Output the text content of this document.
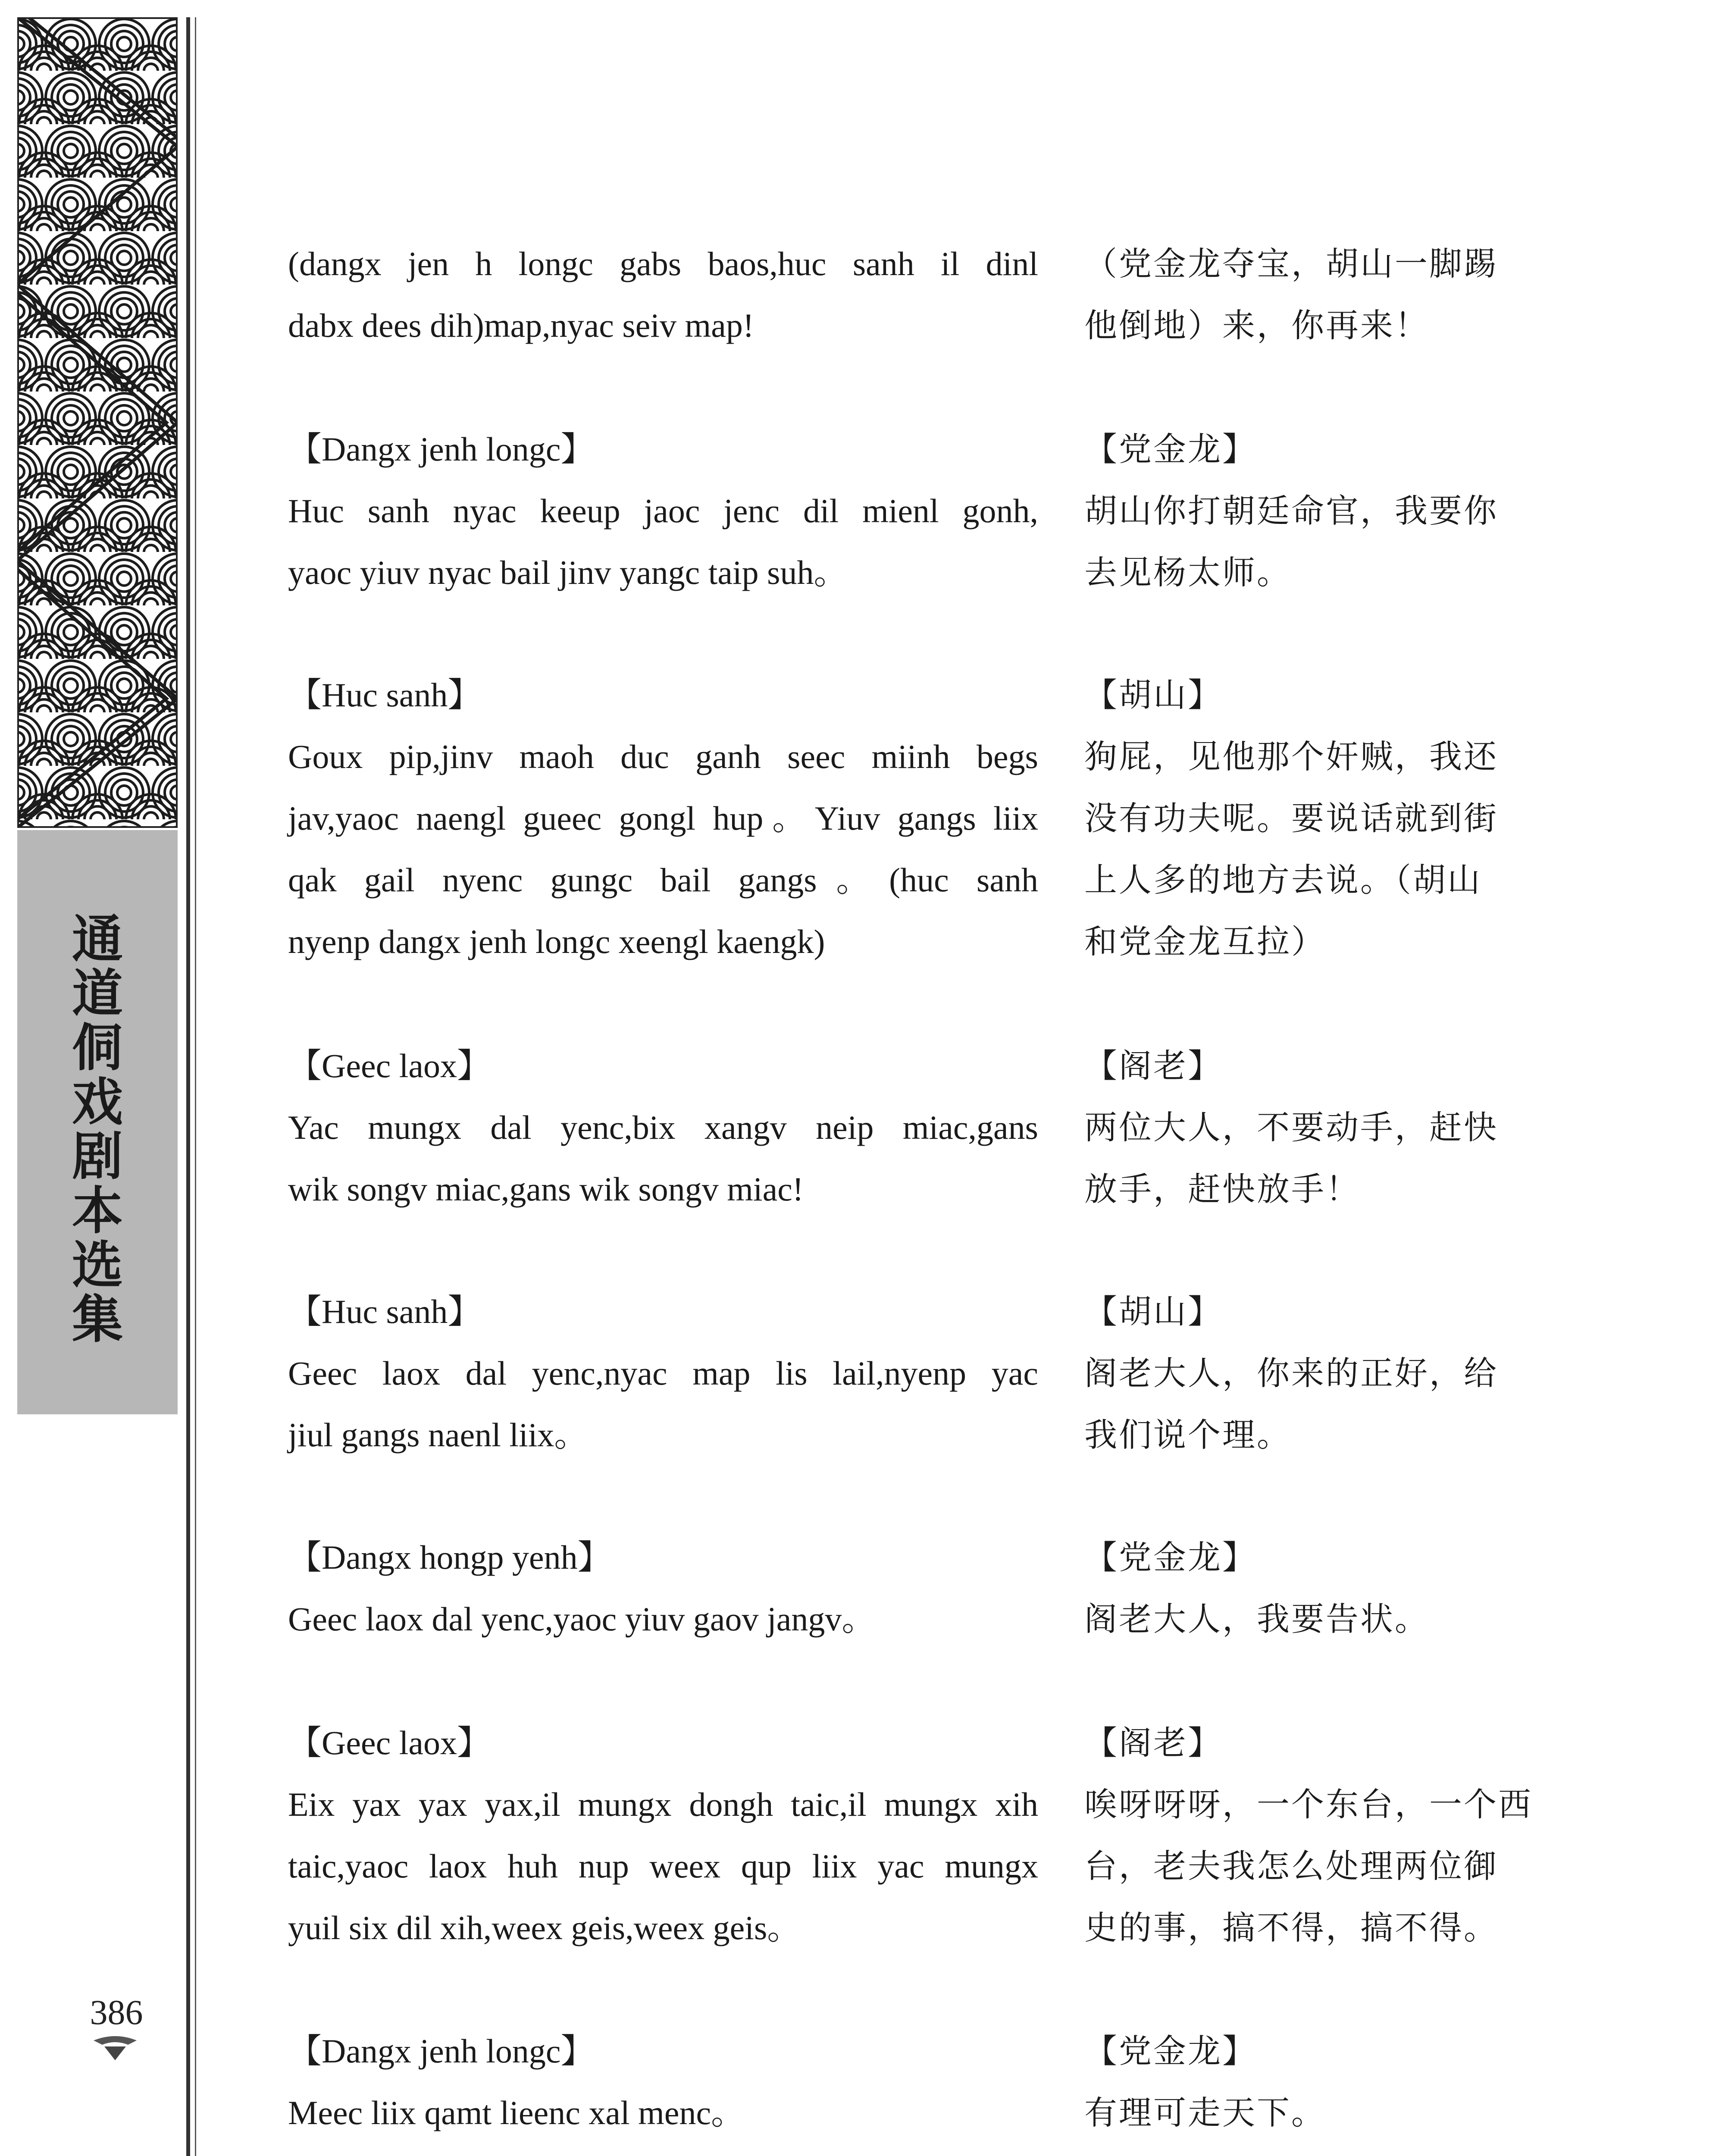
通
道
侗
戏
剧
本
选
集
386
(dangx jen h longc gabs baos,huc sanh il dinl
dabx dees dih)map,nyac seiv map!
【Dangx jenh longc】
Huc sanh nyac keeup jaoc jenc dil mienl gonh,
yaoc yiuv nyac bail jinv yangc taip suh。
【Huc sanh】
Goux pip,jinv maoh duc ganh seec miinh begs
jav,yaoc naengl gueec gongl hup。Yiuv gangs liix
qak gail nyenc gungc bail gangs。(huc sanh
nyenp dangx jenh longc xeengl kaengk)
【Geec laox】
Yac mungx dal yenc,bix xangv neip miac,gans
wik songv miac,gans wik songv miac!
【Huc sanh】
Geec laox dal yenc,nyac map lis lail,nyenp yac
jiul gangs naenl liix。
【Dangx hongp yenh】
Geec laox dal yenc,yaoc yiuv gaov jangv。
【Geec laox】
Eix yax yax yax,il mungx dongh taic,il mungx xih
taic,yaoc laox huh nup weex qup liix yac mungx
yuil six dil xih,weex geis,weex geis。
【Dangx jenh longc】
Meec liix qamt lieenc xal menc。
（党金龙夺宝，胡山一脚踢
他倒地）来，你再来！
【党金龙】
胡山你打朝廷命官，我要你
去见杨太师。
【胡山】
狗屁，见他那个奸贼，我还
没有功夫呢。要说话就到街
上人多的地方去说。（胡山
和党金龙互拉）
【阁老】
两位大人，不要动手，赶快
放手，赶快放手！
【胡山】
阁老大人，你来的正好，给
我们说个理。
【党金龙】
阁老大人，我要告状。
【阁老】
唉呀呀呀，一个东台，一个西
台，老夫我怎么处理两位御
史的事，搞不得，搞不得。
【党金龙】
有理可走天下。
